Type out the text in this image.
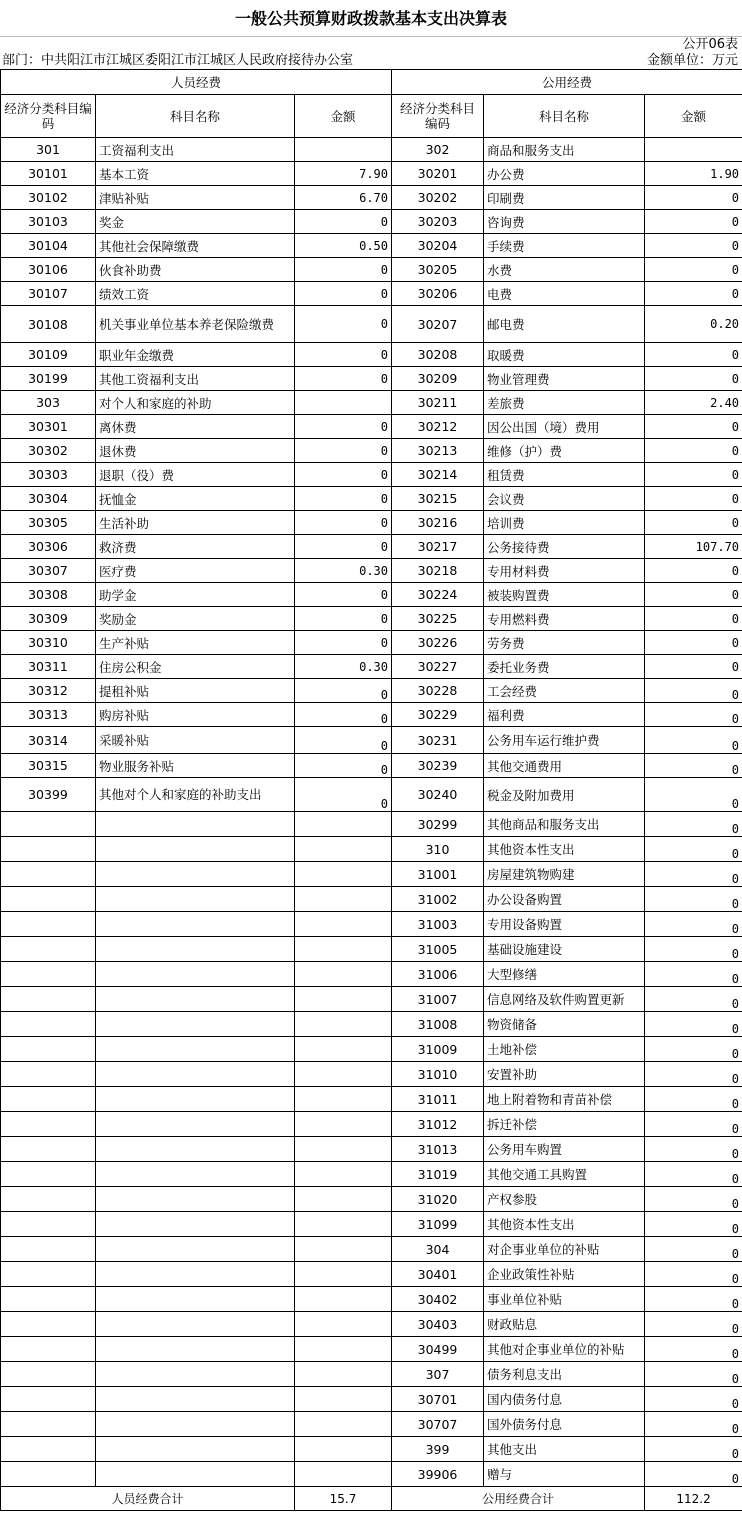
一般公共预算财政拨款基本支出决算表
公开06表
部门：中共阳江市江城区委阳江市江城区人民政府接待办公室	金额单位：万元
人员经费			公用经费		
经济分类科目编码	科目名称	金额	经济分类科目编码	科目名称	金额
301	工资福利支出		302	商品和服务支出	
30101	基本工资	7.90	30201	办公费	1.90
30102	津贴补贴	6.70	30202	印刷费	0
30103	奖金	0	30203	咨询费	0
30104	其他社会保障缴费	0.50	30204	手续费	0
30106	伙食补助费	0	30205	水费	0
30107	绩效工资	0	30206	电费	0
30108	机关事业单位基本养老保险缴费	0	30207	邮电费	0.20
30109	职业年金缴费	0	30208	取暖费	0
30199	其他工资福利支出	0	30209	物业管理费	0
303	对个人和家庭的补助		30211	差旅费	2.40
30301	离休费	0	30212	因公出国（境）费用	0
30302	退休费	0	30213	维修（护）费	0
30303	退职（役）费	0	30214	租赁费	0
30304	抚恤金	0	30215	会议费	0
30305	生活补助	0	30216	培训费	0
30306	救济费	0	30217	公务接待费	107.70
30307	医疗费	0.30	30218	专用材料费	0
30308	助学金	0	30224	被装购置费	0
30309	奖励金	0	30225	专用燃料费	0
30310	生产补贴	0	30226	劳务费	0
30311	住房公积金	0.30	30227	委托业务费	0
30312	提租补贴	0	30228	工会经费	0
30313	购房补贴	0	30229	福利费	0
30314	采暖补贴	0	30231	公务用车运行维护费	0
30315	物业服务补贴	0	30239	其他交通费用	0
30399	其他对个人和家庭的补助支出	0	30240	税金及附加费用	0
			30299	其他商品和服务支出	0
			310	其他资本性支出	0
			31001	房屋建筑物购建	0
			31002	办公设备购置	0
			31003	专用设备购置	0
			31005	基础设施建设	0
			31006	大型修缮	0
			31007	信息网络及软件购置更新	0
			31008	物资储备	0
			31009	土地补偿	0
			31010	安置补助	0
			31011	地上附着物和青苗补偿	0
			31012	拆迁补偿	0
			31013	公务用车购置	0
			31019	其他交通工具购置	0
			31020	产权参股	0
			31099	其他资本性支出	0
			304	对企事业单位的补贴	0
			30401	企业政策性补贴	0
			30402	事业单位补贴	0
			30403	财政贴息	0
			30499	其他对企事业单位的补贴	0
			307	债务利息支出	0
			30701	国内债务付息	0
			30707	国外债务付息	0
			399	其他支出	0
			39906	赠与	0
人员经费合计		15.7	公用经费合计		112.2
